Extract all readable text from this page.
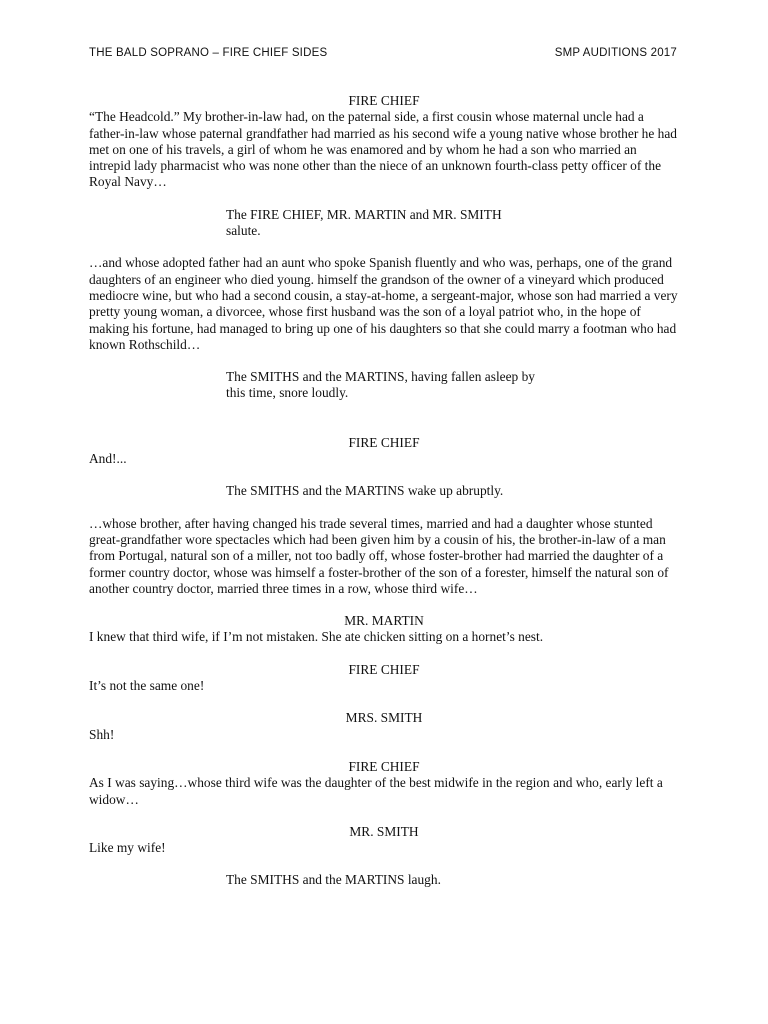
THE BALD SOPRANO – FIRE CHIEF SIDES	SMP AUDITIONS 2017

FIRE CHIEF

“The Headcold.” My brother-in-law had, on the paternal side, a first cousin whose maternal uncle had a father-in-law whose paternal grandfather had married as his second wife a young native whose brother he had met on one of his travels, a girl of whom he was enamored and by whom he had a son who married an intrepid lady pharmacist who was none other than the niece of an unknown fourth-class petty officer of the Royal Navy…

The FIRE CHIEF, MR. MARTIN and MR. SMITH salute.

…and whose adopted father had an aunt who spoke Spanish fluently and who was, perhaps, one of the grand daughters of an engineer who died young. himself the grandson of the owner of a vineyard which produced mediocre wine, but who had a second cousin, a stay-at-home, a sergeant-major, whose son had married a very pretty young woman, a divorcee, whose first husband was the son of a loyal patriot who, in the hope of making his fortune, had managed to bring up one of his daughters so that she could marry a footman who had known Rothschild…

The SMITHS and the MARTINS, having fallen asleep by this time, snore loudly.

FIRE CHIEF

And!...

The SMITHS and the MARTINS wake up abruptly.

…whose brother, after having changed his trade several times, married and had a daughter whose stunted great-grandfather wore spectacles which had been given him by a cousin of his, the brother-in-law of a man from Portugal, natural son of a miller, not too badly off, whose foster-brother had married the daughter of a former country doctor, whose was himself a foster-brother of the son of a forester, himself the natural son of another country doctor, married three times in a row, whose third wife…

MR. MARTIN

I knew that third wife, if I’m not mistaken. She ate chicken sitting on a hornet’s nest.

FIRE CHIEF

It’s not the same one!

MRS. SMITH

Shh!

FIRE CHIEF

As I was saying…whose third wife was the daughter of the best midwife in the region and who, early left a widow…

MR. SMITH

Like my wife!

The SMITHS and the MARTINS laugh.
